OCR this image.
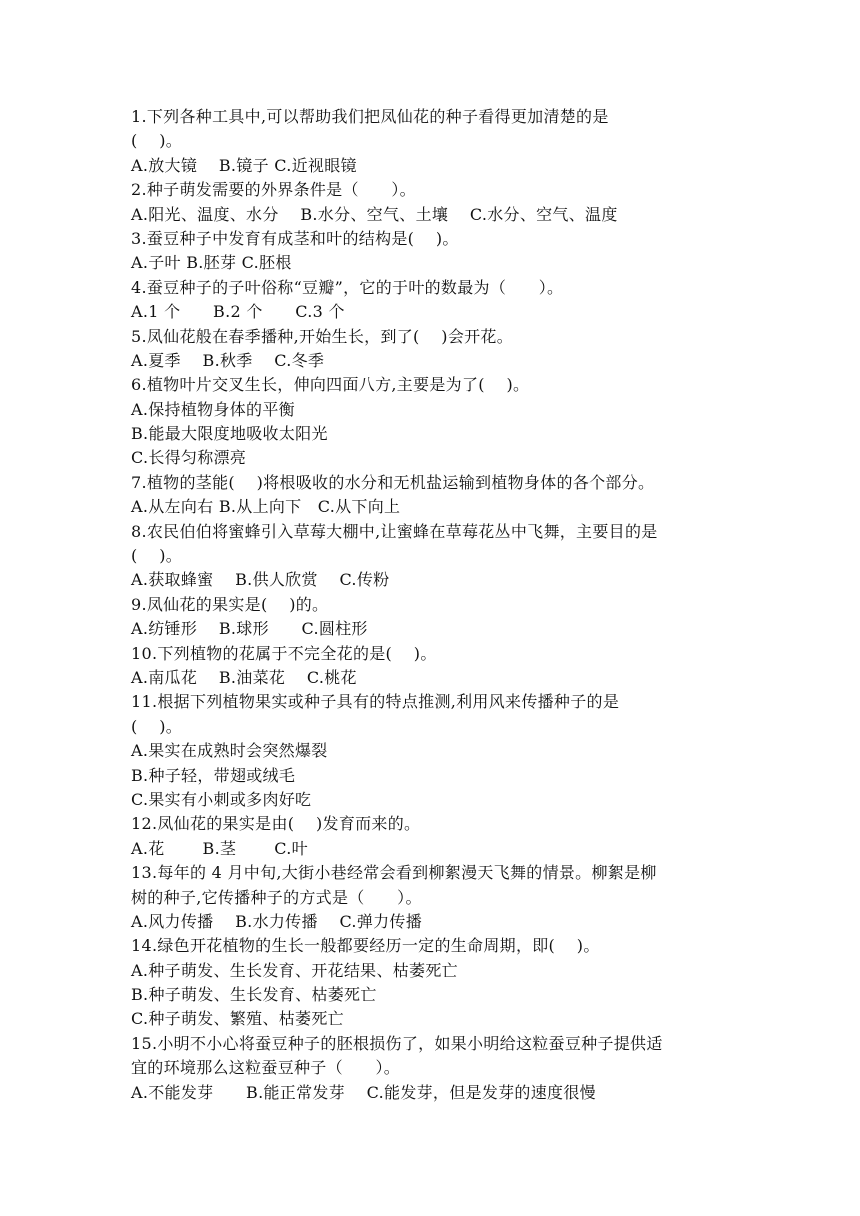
1.下列各种工具中,可以帮助我们把凤仙花的种子看得更加清楚的是
(　 )。
A.放大镜　 B.镜子 C.近视眼镜
2.种子萌发需要的外界条件是（　　）。
A.阳光、温度、水分　 B.水分、空气、土壤　 C.水分、空气、温度
3.蚕豆种子中发育有成茎和叶的结构是(　 )。
A.子叶 B.胚芽 C.胚根
4.蚕豆种子的子叶俗称“豆瓣”，它的于叶的数最为（　　）。
A.1 个　　B.2 个　　C.3 个
5.凤仙花般在春季播种,开始生长，到了(　 )会开花。
A.夏季　 B.秋季　 C.冬季
6.植物叶片交叉生长，伸向四面八方,主要是为了(　 )。
A.保持植物身体的平衡
B.能最大限度地吸收太阳光
C.长得匀称漂亮
7.植物的茎能(　 )将根吸收的水分和无机盐运输到植物身体的各个部分。
A.从左向右 B.从上向下　C.从下向上
8.农民伯伯将蜜蜂引入草莓大棚中,让蜜蜂在草莓花丛中飞舞，主要目的是
(　 )。
A.获取蜂蜜　 B.供人欣赏　 C.传粉
9.凤仙花的果实是(　 )的。
A.纺锤形　 B.球形　　C.圆柱形
10.下列植物的花属于不完全花的是(　 )。
A.南瓜花　 B.油菜花　 C.桃花
11.根据下列植物果实或种子具有的特点推测,利用风来传播种子的是
(　 )。
A.果实在成熟时会突然爆裂
B.种子轻，带翅或绒毛
C.果实有小刺或多肉好吃
12.凤仙花的果实是由(　 )发育而来的。
A.花　　 B.茎　　 C.叶
13.每年的 4 月中旬,大街小巷经常会看到柳絮漫天飞舞的情景。柳絮是柳
树的种子,它传播种子的方式是（　　）。
A.风力传播　 B.水力传播　 C.弹力传播
14.绿色开花植物的生长一般都要经历一定的生命周期，即(　 )。
A.种子萌发、生长发育、开花结果、枯萎死亡
B.种子萌发、生长发育、枯萎死亡
C.种子萌发、繁殖、枯萎死亡
15.小明不小心将蚕豆种子的胚根损伤了，如果小明给这粒蚕豆种子提供适
宜的环境那么这粒蚕豆种子（　　）。
A.不能发芽　　B.能正常发芽　 C.能发芽，但是发芽的速度很慢
